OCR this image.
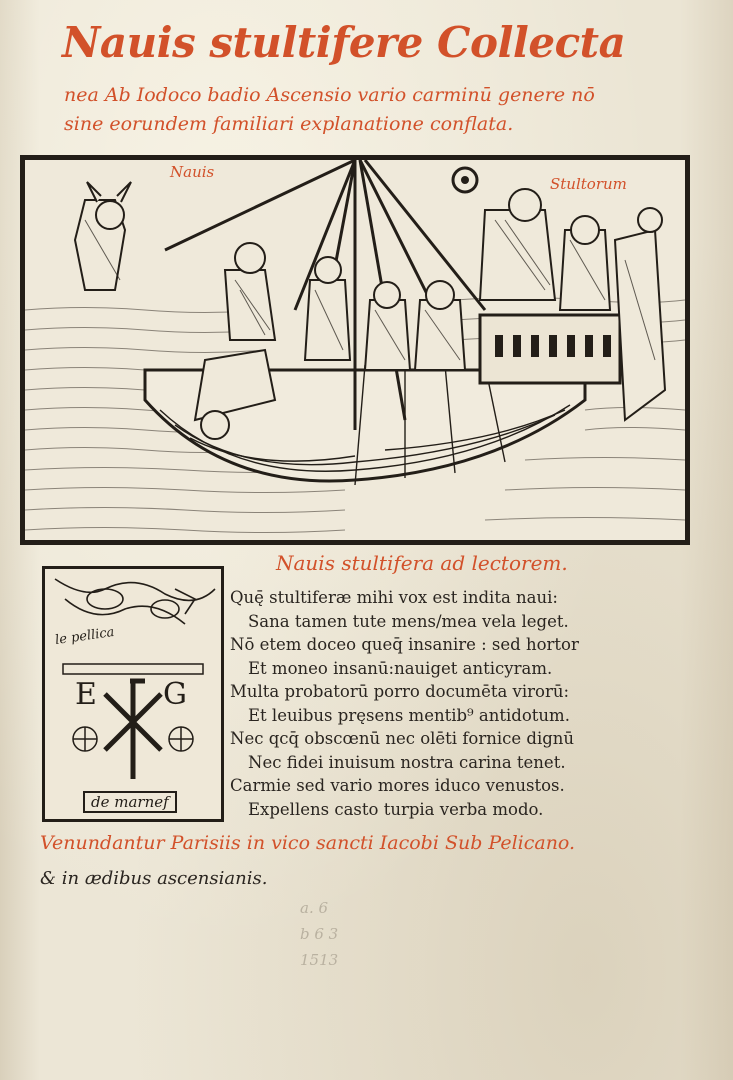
Nauis stultifere Collecta

nea Ab Iodoco badio Ascensio vario carminū genere nō

sine eorundem familiari explanatione conflata.

Nauis
Stultorum
Nauis stultifera ad lectorem.
E G
le pellica
de marnef
Quę̄ stultiferæ mihi vox est indita naui:
Sana tamen tute mens/mea vela leget.
Nō etem doceo queq̄ insanire : sed hortor
Et moneo insanū:nauiget anticyram.
Multa probatorū porro documēta virorū:
Et leuibus pręsens mentib⁹ antidotum.
Nec qcq̄ obscœnū nec olēti fornice dignū
Nec fidei inuisum nostra carina tenet.
Carmie sed vario mores iduco venustos.
Expellens casto turpia verba modo.
Venundantur Parisiis in vico sancti Iacobi Sub Pelicano.
& in ædibus ascensianis.
a. 6
b 6 3
1513
